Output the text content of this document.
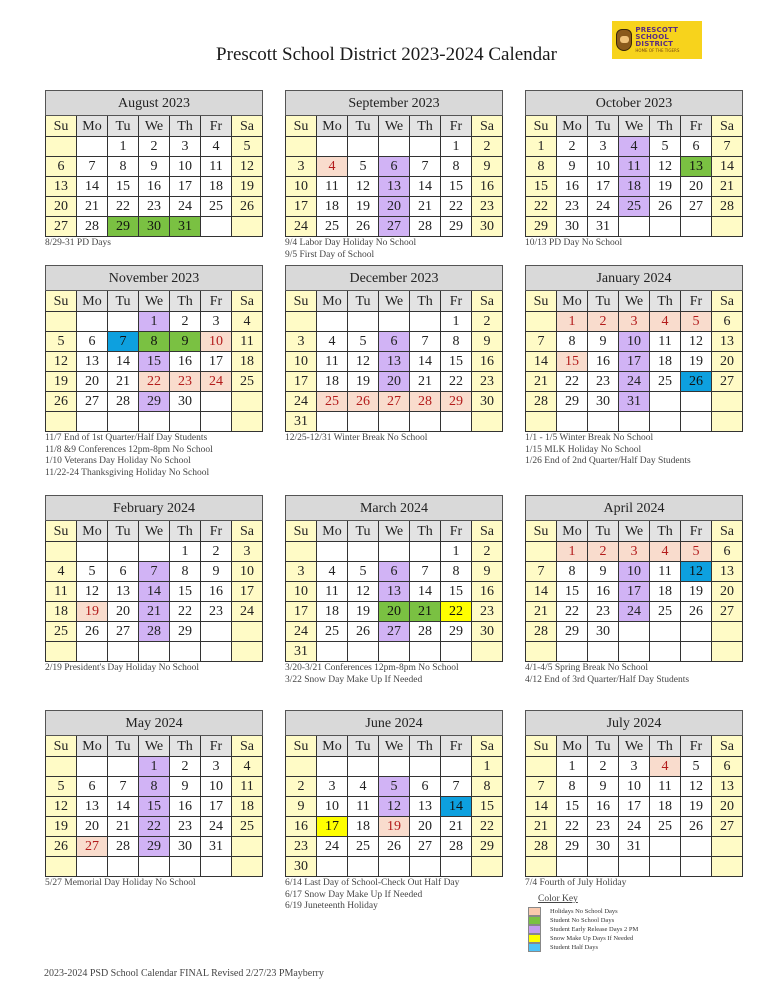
Prescott School District 2023-2024 Calendar
PRESCOTT
SCHOOL DISTRICT
HOME OF THE TIGERS
August 2023						
Su	Mo	Tu	We	Th	Fr	Sa
		1	2	3	4	5
6	7	8	9	10	11	12
13	14	15	16	17	18	19
20	21	22	23	24	25	26
27	28	29	30	31		
8/29-31 PD Days
September 2023						
Su	Mo	Tu	We	Th	Fr	Sa
					1	2
3	4	5	6	7	8	9
10	11	12	13	14	15	16
17	18	19	20	21	22	23
24	25	26	27	28	29	30
9/4 Labor Day Holiday No School
9/5 First Day of School
October 2023						
Su	Mo	Tu	We	Th	Fr	Sa
1	2	3	4	5	6	7
8	9	10	11	12	13	14
15	16	17	18	19	20	21
22	23	24	25	26	27	28
29	30	31				
10/13 PD Day No School
November 2023						
Su	Mo	Tu	We	Th	Fr	Sa
			1	2	3	4
5	6	7	8	9	10	11
12	13	14	15	16	17	18
19	20	21	22	23	24	25
26	27	28	29	30		

11/7 End of 1st Quarter/Half Day Students
11/8 &9 Conferences 12pm-8pm No School
1/10 Veterans Day Holiday No School
11/22-24 Thanksgiving Holiday No School
December 2023						
Su	Mo	Tu	We	Th	Fr	Sa
					1	2
3	4	5	6	7	8	9
10	11	12	13	14	15	16
17	18	19	20	21	22	23
24	25	26	27	28	29	30
31						
12/25-12/31 Winter Break No School
January 2024						
Su	Mo	Tu	We	Th	Fr	Sa
	1	2	3	4	5	6
7	8	9	10	11	12	13
14	15	16	17	18	19	20
21	22	23	24	25	26	27
28	29	30	31			

1/1 - 1/5 Winter Break No School
1/15 MLK Holiday No School
1/26 End of 2nd Quarter/Half Day Students
February 2024						
Su	Mo	Tu	We	Th	Fr	Sa
				1	2	3
4	5	6	7	8	9	10
11	12	13	14	15	16	17
18	19	20	21	22	23	24
25	26	27	28	29		

2/19 President's Day Holiday No School
March 2024						
Su	Mo	Tu	We	Th	Fr	Sa
					1	2
3	4	5	6	7	8	9
10	11	12	13	14	15	16
17	18	19	20	21	22	23
24	25	26	27	28	29	30
31						
3/20-3/21 Conferences 12pm-8pm No School
3/22 Snow Day Make Up If Needed
April 2024						
Su	Mo	Tu	We	Th	Fr	Sa
	1	2	3	4	5	6
7	8	9	10	11	12	13
14	15	16	17	18	19	20
21	22	23	24	25	26	27
28	29	30				

4/1-4/5 Spring Break No School
4/12 End of 3rd Quarter/Half Day Students
May 2024						
Su	Mo	Tu	We	Th	Fr	Sa
			1	2	3	4
5	6	7	8	9	10	11
12	13	14	15	16	17	18
19	20	21	22	23	24	25
26	27	28	29	30	31	

5/27 Memorial Day Holiday No School
June 2024						
Su	Mo	Tu	We	Th	Fr	Sa
						1
2	3	4	5	6	7	8
9	10	11	12	13	14	15
16	17	18	19	20	21	22
23	24	25	26	27	28	29
30						
6/14 Last Day of School-Check Out Half Day
6/17 Snow Day Make Up If Needed
6/19 Juneteenth Holiday
July 2024						
Su	Mo	Tu	We	Th	Fr	Sa
	1	2	3	4	5	6
7	8	9	10	11	12	13
14	15	16	17	18	19	20
21	22	23	24	25	26	27
28	29	30	31			

7/4 Fourth of July Holiday
Color Key
Holidays No School Days
Student No School Days
Student Early Release Days 2 PM
Snow Make Up Days If Needed
Student Half Days
2023-2024 PSD School Calendar FINAL Revised 2/27/23 PMayberry
